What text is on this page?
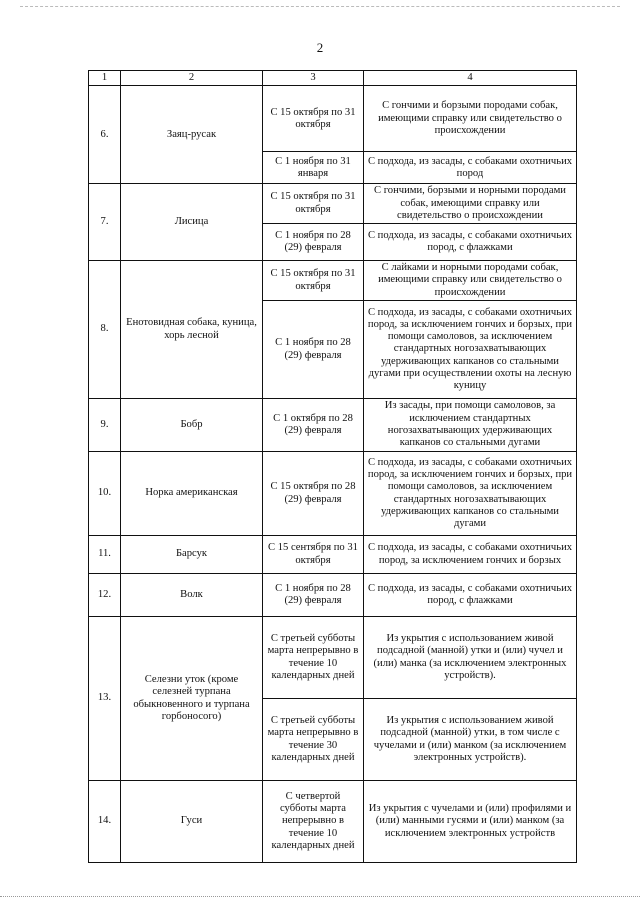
2
1	2	3	4
6.	Заяц-русак	С 15 октября по 31 октября	С гончими и борзыми породами собак, имеющими справку или свидетельство о происхождении
		С 1 ноября по 31 января	С подхода, из засады, с собаками охотничьих пород
7.	Лисица	С 15 октября по 31 октября	С гончими, борзыми и норными породами собак, имеющими справку или свидетельство о происхождении
		С 1 ноября по 28 (29) февраля	С подхода, из засады, с собаками охотничьих пород, с флажками
8.	Енотовидная собака, куница, хорь лесной	С 15 октября по 31 октября	С лайками и норными породами собак, имеющими справку или свидетельство о происхождении
		С 1 ноября по 28 (29) февраля	С подхода, из засады, с собаками охотничьих пород, за исключением гончих и борзых, при помощи самоловов, за исключением стандартных ногозахватывающих удерживающих капканов со стальными дугами при осуществлении охоты на лесную куницу
9.	Бобр	С 1 октября по 28 (29) февраля	Из засады, при помощи самоловов, за исключением стандартных ногозахватывающих удерживающих капканов со стальными дугами
10.	Норка американская	С 15 октября по 28 (29) февраля	С подхода, из засады, с собаками охотничьих пород, за исключением гончих и борзых, при помощи самоловов, за исключением стандартных ногозахватывающих удерживающих капканов со стальными дугами
11.	Барсук	С 15 сентября по 31 октября	С подхода, из засады, с собаками охотничьих пород, за исключением гончих и борзых
12.	Волк	С 1 ноября по 28 (29) февраля	С подхода, из засады, с собаками охотничьих пород, с флажками
13.	Селезни уток (кроме селезней турпана обыкновенного и турпана горбоносого)	С третьей субботы марта непрерывно в течение 10 календарных дней	Из укрытия с использованием живой подсадной (манной) утки и (или) чучел и (или) манка (за исключением электронных устройств).
		С третьей субботы марта непрерывно в течение 30 календарных дней	Из укрытия с использованием живой подсадной (манной) утки, в том числе с чучелами и (или) манком (за исключением электронных устройств).
14.	Гуси	С четвертой субботы марта непрерывно в течение 10 календарных дней	Из укрытия с чучелами и (или) профилями и (или) манными гусями и (или) манком (за исключением электронных устройств
